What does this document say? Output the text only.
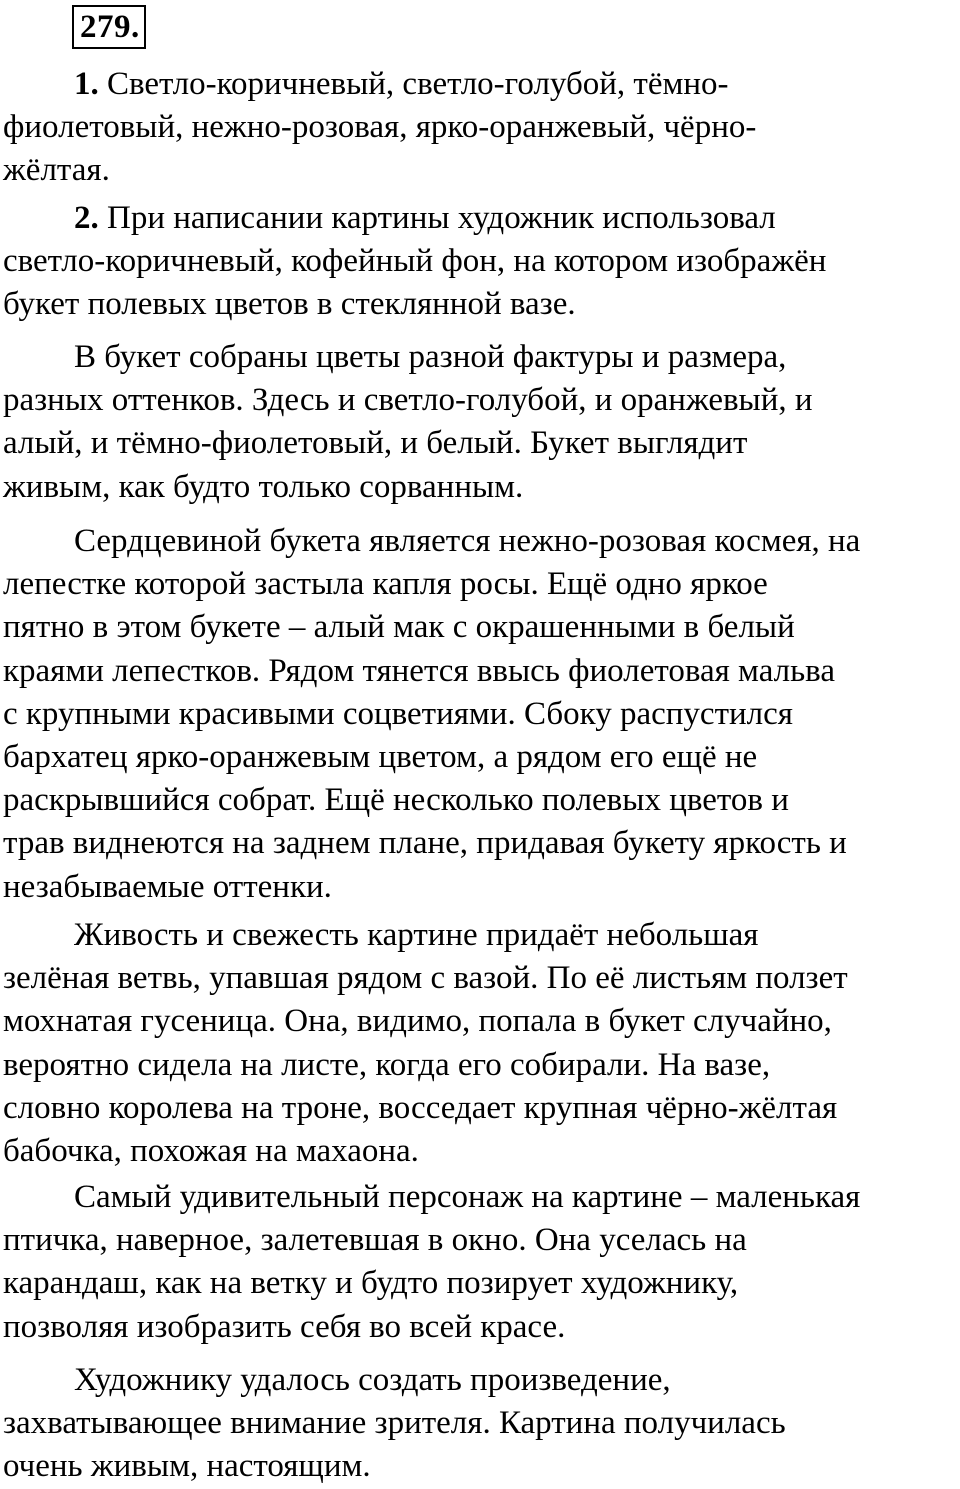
279.

1. Светло-коричневый, светло-голубой, тёмно-
фиолетовый, нежно-розовая, ярко-оранжевый, чёрно-
жёлтая.

2. При написании картины художник использовал
светло-коричневый, кофейный фон, на котором изображён
букет полевых цветов в стеклянной вазе.

В букет собраны цветы разной фактуры и размера,
разных оттенков. Здесь и светло-голубой, и оранжевый, и
алый, и тёмно-фиолетовый, и белый. Букет выглядит
живым, как будто только сорванным.

Сердцевиной букета является нежно-розовая космея, на
лепестке которой застыла капля росы. Ещё одно яркое
пятно в этом букете – алый мак с окрашенными в белый
краями лепестков. Рядом тянется ввысь фиолетовая мальва
с крупными красивыми соцветиями. Сбоку распустился
бархатец ярко-оранжевым цветом, а рядом его ещё не
раскрывшийся собрат. Ещё несколько полевых цветов и
трав виднеются на заднем плане, придавая букету яркость и
незабываемые оттенки.

Живость и свежесть картине придаёт небольшая
зелёная ветвь, упавшая рядом с вазой. По её листьям ползет
мохнатая гусеница. Она, видимо, попала в букет случайно,
вероятно сидела на листе, когда его собирали. На вазе,
словно королева на троне, восседает крупная чёрно-жёлтая
бабочка, похожая на махаона.

Самый удивительный персонаж на картине – маленькая
птичка, наверное, залетевшая в окно. Она уселась на
карандаш, как на ветку и будто позирует художнику,
позволяя изобразить себя во всей красе.

Художнику удалось создать произведение,
захватывающее внимание зрителя. Картина получилась
очень живым, настоящим.
